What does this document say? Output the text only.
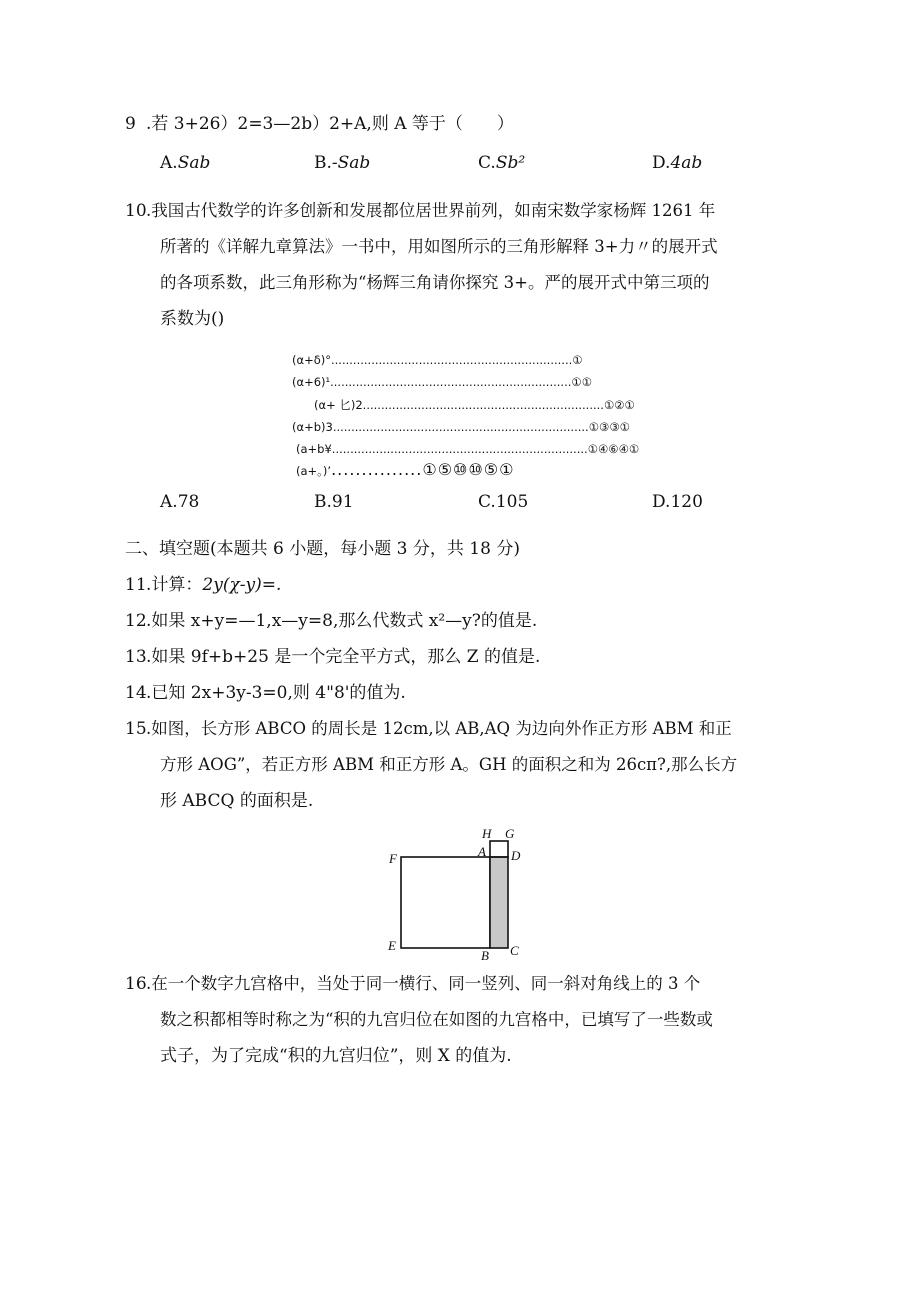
9 .若 3+26）2=3—2b）2+A,则 A 等于（　　）
A.Sab	B.-Sab	C.Sb²	D.4ab
10 .我国古代数学的许多创新和发展都位居世界前列，如南宋数学家杨辉 1261 年
所著的《详解九章算法》一书中，用如图所示的三角形解释 3+力〃的展开式
的各项系数，此三角形称为“杨辉三角请你探究 3+。严的展开式中第三项的
系数为()
(α+δ)°..................................................................①
(α+6)¹..................................................................①①
(α+ 匕)2..................................................................①②①
(α+b)3......................................................................①③③①
(a+b¥......................................................................①④⑥④①
(a+。)’...............①⑤⑩⑩⑤①
A.78	B.91	C.105	D.120
二、填空题(本题共 6 小题，每小题 3 分，共 18 分)
11 .计算：2y(χ-y)=.
12 .如果 x+y=—1,x—y=8,那么代数式 x²—y?的值是.
13 .如果 9f+b+25 是一个完全平方式，那么 Z 的值是.
14 .已知 2x+3y-3=0,则 4"8'的值为.
15 .如图，长方形 ABCO 的周长是 12cm,以 AB,AQ 为边向外作正方形 ABM 和正
方形 AOG”，若正方形 ABM 和正方形 A。GH 的面积之和为 26cπ?,那么长方
形 ABCQ 的面积是.
H G
A D
F
E
B C
16 .在一个数字九宫格中，当处于同一横行、同一竖列、同一斜对角线上的 3 个
数之积都相等时称之为“积的九宫归位在如图的九宫格中，已填写了一些数或
式子，为了完成“积的九宫归位”，则 X 的值为.
